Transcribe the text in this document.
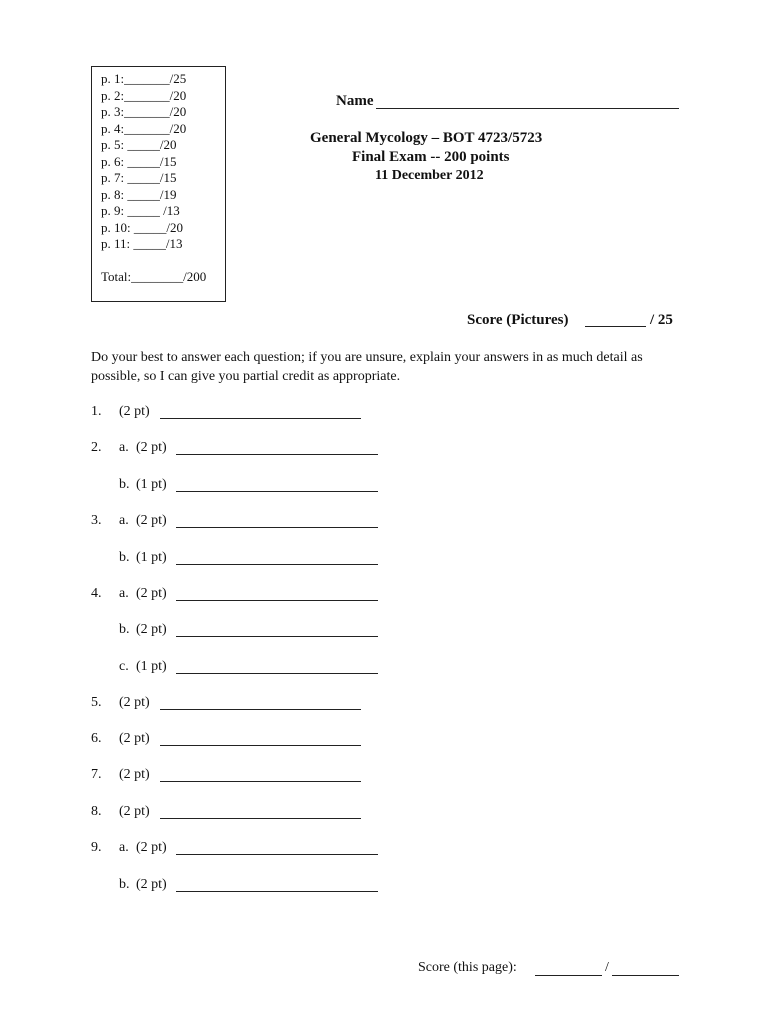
p. 1:_______/25
p. 2:_______/20
p. 3:_______/20
p. 4:_______/20
p. 5: _____/20
p. 6: _____/15
p. 7: _____/15
p. 8: _____/19
p. 9: _____ /13
p. 10: _____/20
p. 11: _____/13
Total:________/200
Name
General Mycology – BOT 4723/5723
Final Exam -- 200 points
11 December 2012
Score (Pictures)	/ 25
Do your best to answer each question; if you are unsure, explain your answers in as much detail as possible, so I can give you partial credit as appropriate.
1. (2 pt)
2. a. (2 pt)
b. (1 pt)
3. a. (2 pt)
b. (1 pt)
4. a. (2 pt)
b. (2 pt)
c. (1 pt)
5. (2 pt)
6. (2 pt)
7. (2 pt)
8. (2 pt)
9. a. (2 pt)
b. (2 pt)
Score (this page):	/
